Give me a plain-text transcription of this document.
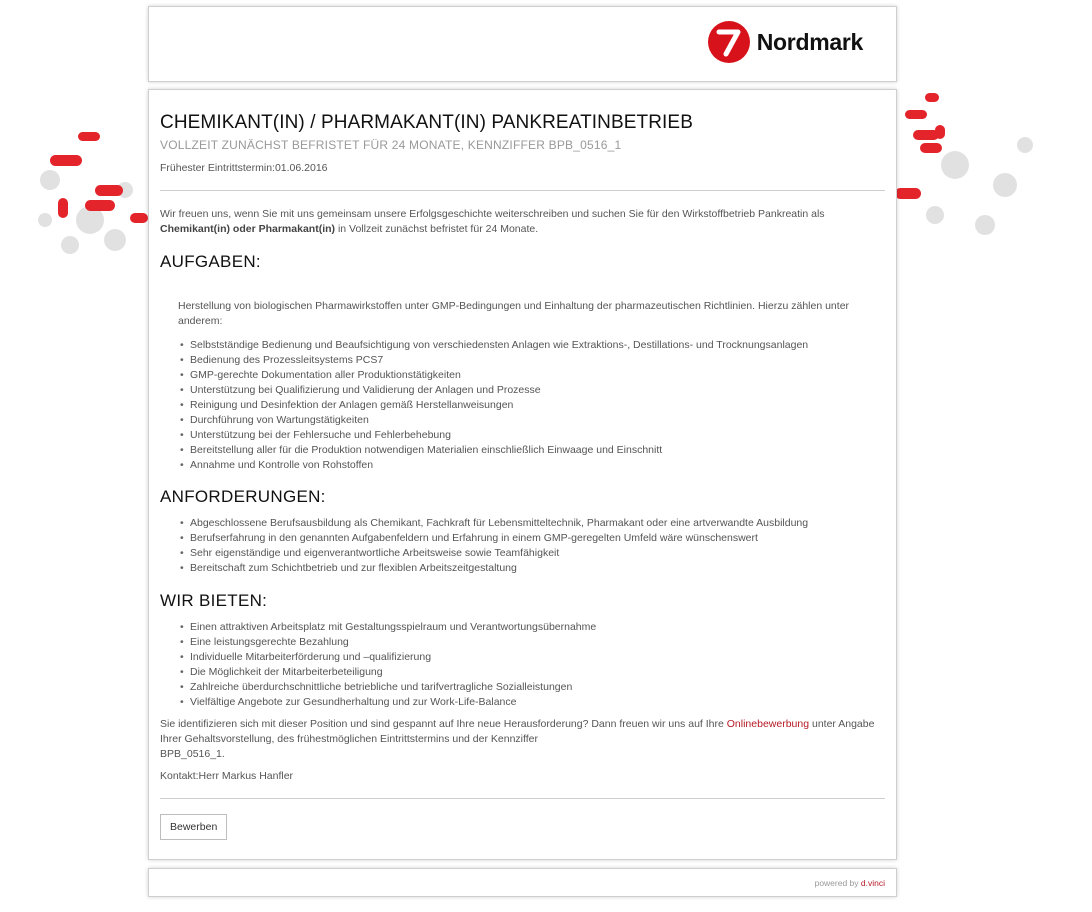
Nordmark
CHEMIKANT(IN) / PHARMAKANT(IN) PANKREATINBETRIEB
VOLLZEIT ZUNÄCHST BEFRISTET FÜR 24 MONATE, KENNZIFFER BPB_0516_1
Frühester Eintrittstermin:01.06.2016

Wir freuen uns, wenn Sie mit uns gemeinsam unsere Erfolgsgeschichte weiterschreiben und suchen Sie für den Wirkstoffbetrieb Pankreatin als Chemikant(in) oder Pharmakant(in) in Vollzeit zunächst befristet für 24 Monate.

AUFGABEN:

Herstellung von biologischen Pharmawirkstoffen unter GMP-Bedingungen und Einhaltung der pharmazeutischen Richtlinien. Hierzu zählen unter anderem:

• Selbstständige Bedienung und Beaufsichtigung von verschiedensten Anlagen wie Extraktions-, Destillations- und Trocknungsanlagen
• Bedienung des Prozessleitsystems PCS7
• GMP-gerechte Dokumentation aller Produktionstätigkeiten
• Unterstützung bei Qualifizierung und Validierung der Anlagen und Prozesse
• Reinigung und Desinfektion der Anlagen gemäß Herstellanweisungen
• Durchführung von Wartungstätigkeiten
• Unterstützung bei der Fehlersuche und Fehlerbehebung
• Bereitstellung aller für die Produktion notwendigen Materialien einschließlich Einwaage und Einschnitt
• Annahme und Kontrolle von Rohstoffen
ANFORDERUNGEN:
• Abgeschlossene Berufsausbildung als Chemikant, Fachkraft für Lebensmitteltechnik, Pharmakant oder eine artverwandte Ausbildung
• Berufserfahrung in den genannten Aufgabenfeldern und Erfahrung in einem GMP-geregelten Umfeld wäre wünschenswert
• Sehr eigenständige und eigenverantwortliche Arbeitsweise sowie Teamfähigkeit
• Bereitschaft zum Schichtbetrieb und zur flexiblen Arbeitszeitgestaltung
WIR BIETEN:
• Einen attraktiven Arbeitsplatz mit Gestaltungsspielraum und Verantwortungsübernahme
• Eine leistungsgerechte Bezahlung
• Individuelle Mitarbeiterförderung und –qualifizierung
• Die Möglichkeit der Mitarbeiterbeteiligung
• Zahlreiche überdurchschnittliche betriebliche und tarifvertragliche Sozialleistungen
• Vielfältige Angebote zur Gesundherhaltung und zur Work-Life-Balance

Sie identifizieren sich mit dieser Position und sind gespannt auf Ihre neue Herausforderung? Dann freuen wir uns auf Ihre Onlinebewerbung unter Angabe Ihrer Gehaltsvorstellung, des frühestmöglichen Eintrittstermins und der Kennziffer
BPB_0516_1.

Kontakt:Herr Markus Hanfler

Bewerben
powered by d.vinci
